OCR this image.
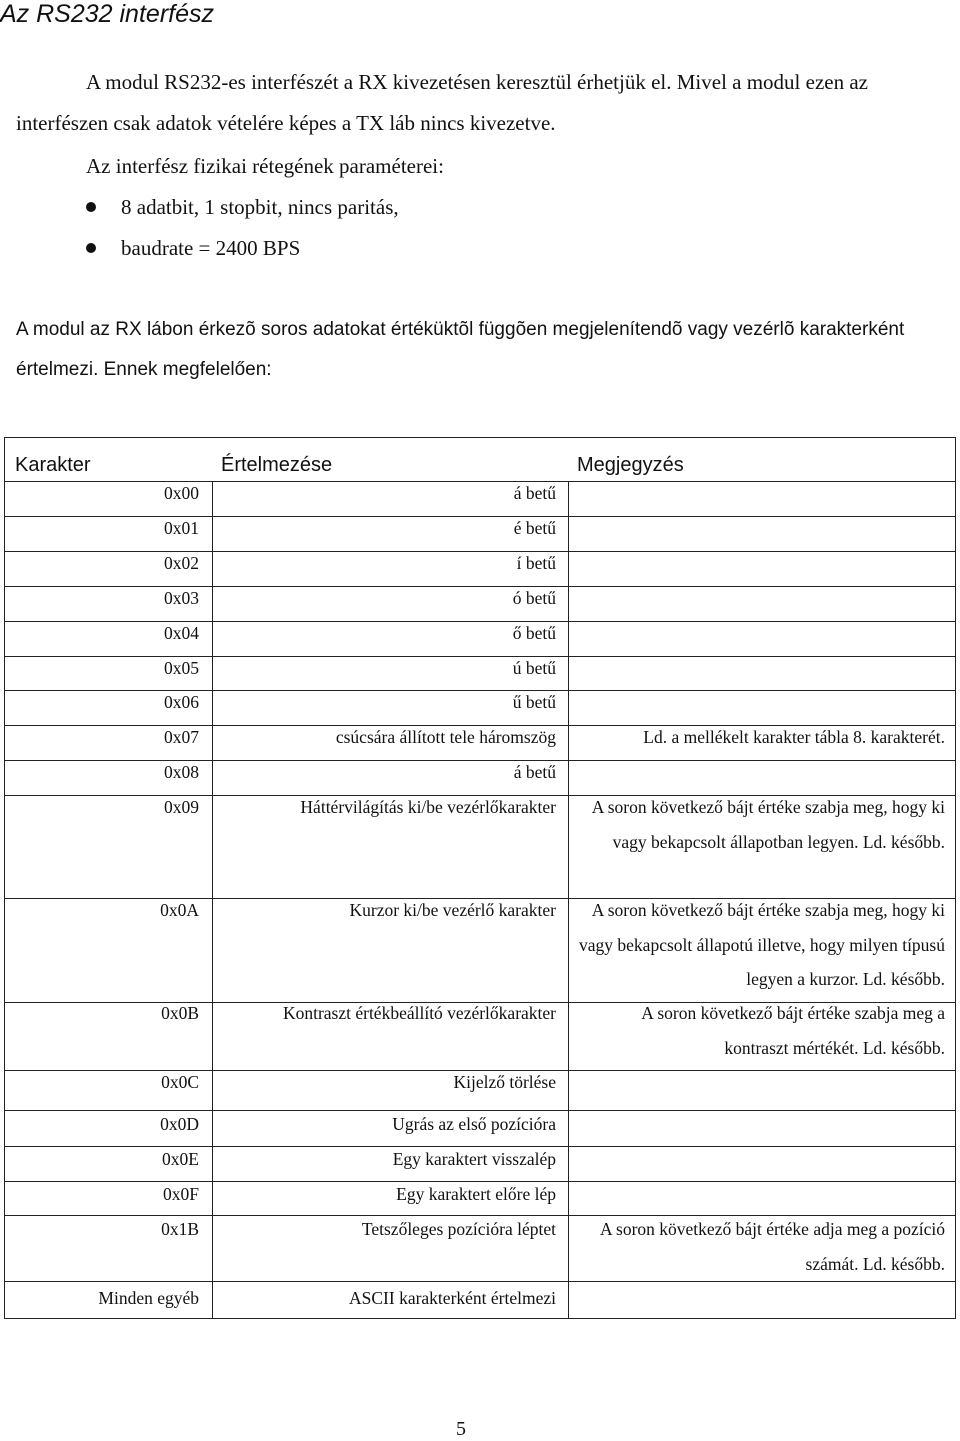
Az RS232 interfész

A modul RS232-es interfészét a RX kivezetésen keresztül érhetjük el. Mivel a modul ezen az interfészen csak adatok vételére képes a TX láb nincs kivezetve.

Az interfész fizikai rétegének paraméterei:

8 adatbit, 1 stopbit, nincs paritás,
baudrate = 2400 BPS

A modul az RX lábon érkezõ soros adatokat értéküktõl függõen megjelenítendõ vagy vezérlõ karakterként értelmezi. Ennek megfelelően:

Karakter	Értelmezése	Megjegyzés

0x00	á betű

0x01	é betű

0x02	í betű

0x03	ó betű

0x04	ő betű

0x05	ú betű

0x06	ű betű

0x07	csúcsára állított tele háromszög	Ld. a mellékelt karakter tábla 8. karakterét.

0x08	á betű

0x09	Háttérvilágítás ki/be vezérlőkarakter	A soron következő bájt értéke szabja meg, hogy ki vagy bekapcsolt állapotban legyen. Ld. később.

0x0A	Kurzor ki/be vezérlő karakter	A soron következő bájt értéke szabja meg, hogy ki vagy bekapcsolt állapotú illetve, hogy milyen típusú legyen a kurzor. Ld. később.

0x0B	Kontraszt értékbeállító vezérlőkarakter	A soron következő bájt értéke szabja meg a kontraszt mértékét. Ld. később.

0x0C	Kijelző törlése

0x0D	Ugrás az első pozícióra

0x0E	Egy karaktert visszalép

0x0F	Egy karaktert előre lép

0x1B	Tetszőleges pozícióra léptet	A soron következő bájt értéke adja meg a pozíció számát. Ld. később.

Minden egyéb	ASCII karakterként értelmezi

5
